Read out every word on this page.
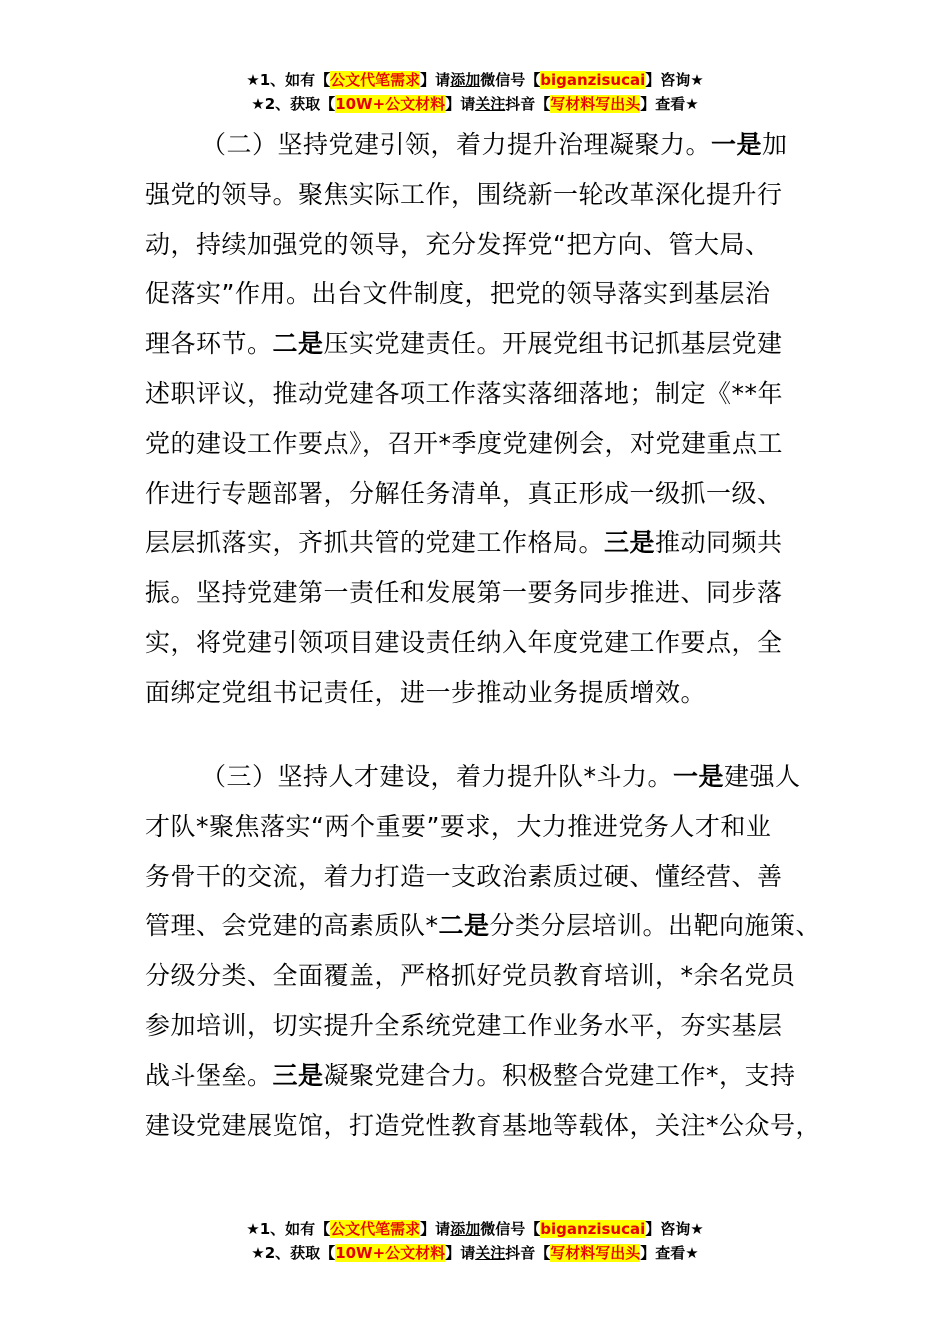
★1、如有【公文代笔需求】请添加微信号【biganzisucai】咨询★
★2、获取【10W+公文材料】请关注抖音【写材料写出头】查看★
（二）坚持党建引领，着力提升治理凝聚力。一是加
强党的领导。聚焦实际工作，围绕新一轮改革深化提升行
动，持续加强党的领导，充分发挥党“把方向、管大局、
促落实”作用。出台文件制度，把党的领导落实到基层治
理各环节。二是压实党建责任。开展党组书记抓基层党建
述职评议，推动党建各项工作落实落细落地；制定《**年
党的建设工作要点》，召开*季度党建例会，对党建重点工
作进行专题部署，分解任务清单，真正形成一级抓一级、
层层抓落实，齐抓共管的党建工作格局。三是推动同频共
振。坚持党建第一责任和发展第一要务同步推进、同步落
实，将党建引领项目建设责任纳入年度党建工作要点，全
面绑定党组书记责任，进一步推动业务提质增效。
（三）坚持人才建设，着力提升队*斗力。一是建强人
才队*聚焦落实“两个重要”要求，大力推进党务人才和业
务骨干的交流，着力打造一支政治素质过硬、懂经营、善
管理、会党建的高素质队*二是分类分层培训。出靶向施策、
分级分类、全面覆盖，严格抓好党员教育培训，*余名党员
参加培训，切实提升全系统党建工作业务水平，夯实基层
战斗堡垒。三是凝聚党建合力。积极整合党建工作*，支持
建设党建展览馆，打造党性教育基地等载体，关注*公众号，
★1、如有【公文代笔需求】请添加微信号【biganzisucai】咨询★
★2、获取【10W+公文材料】请关注抖音【写材料写出头】查看★
